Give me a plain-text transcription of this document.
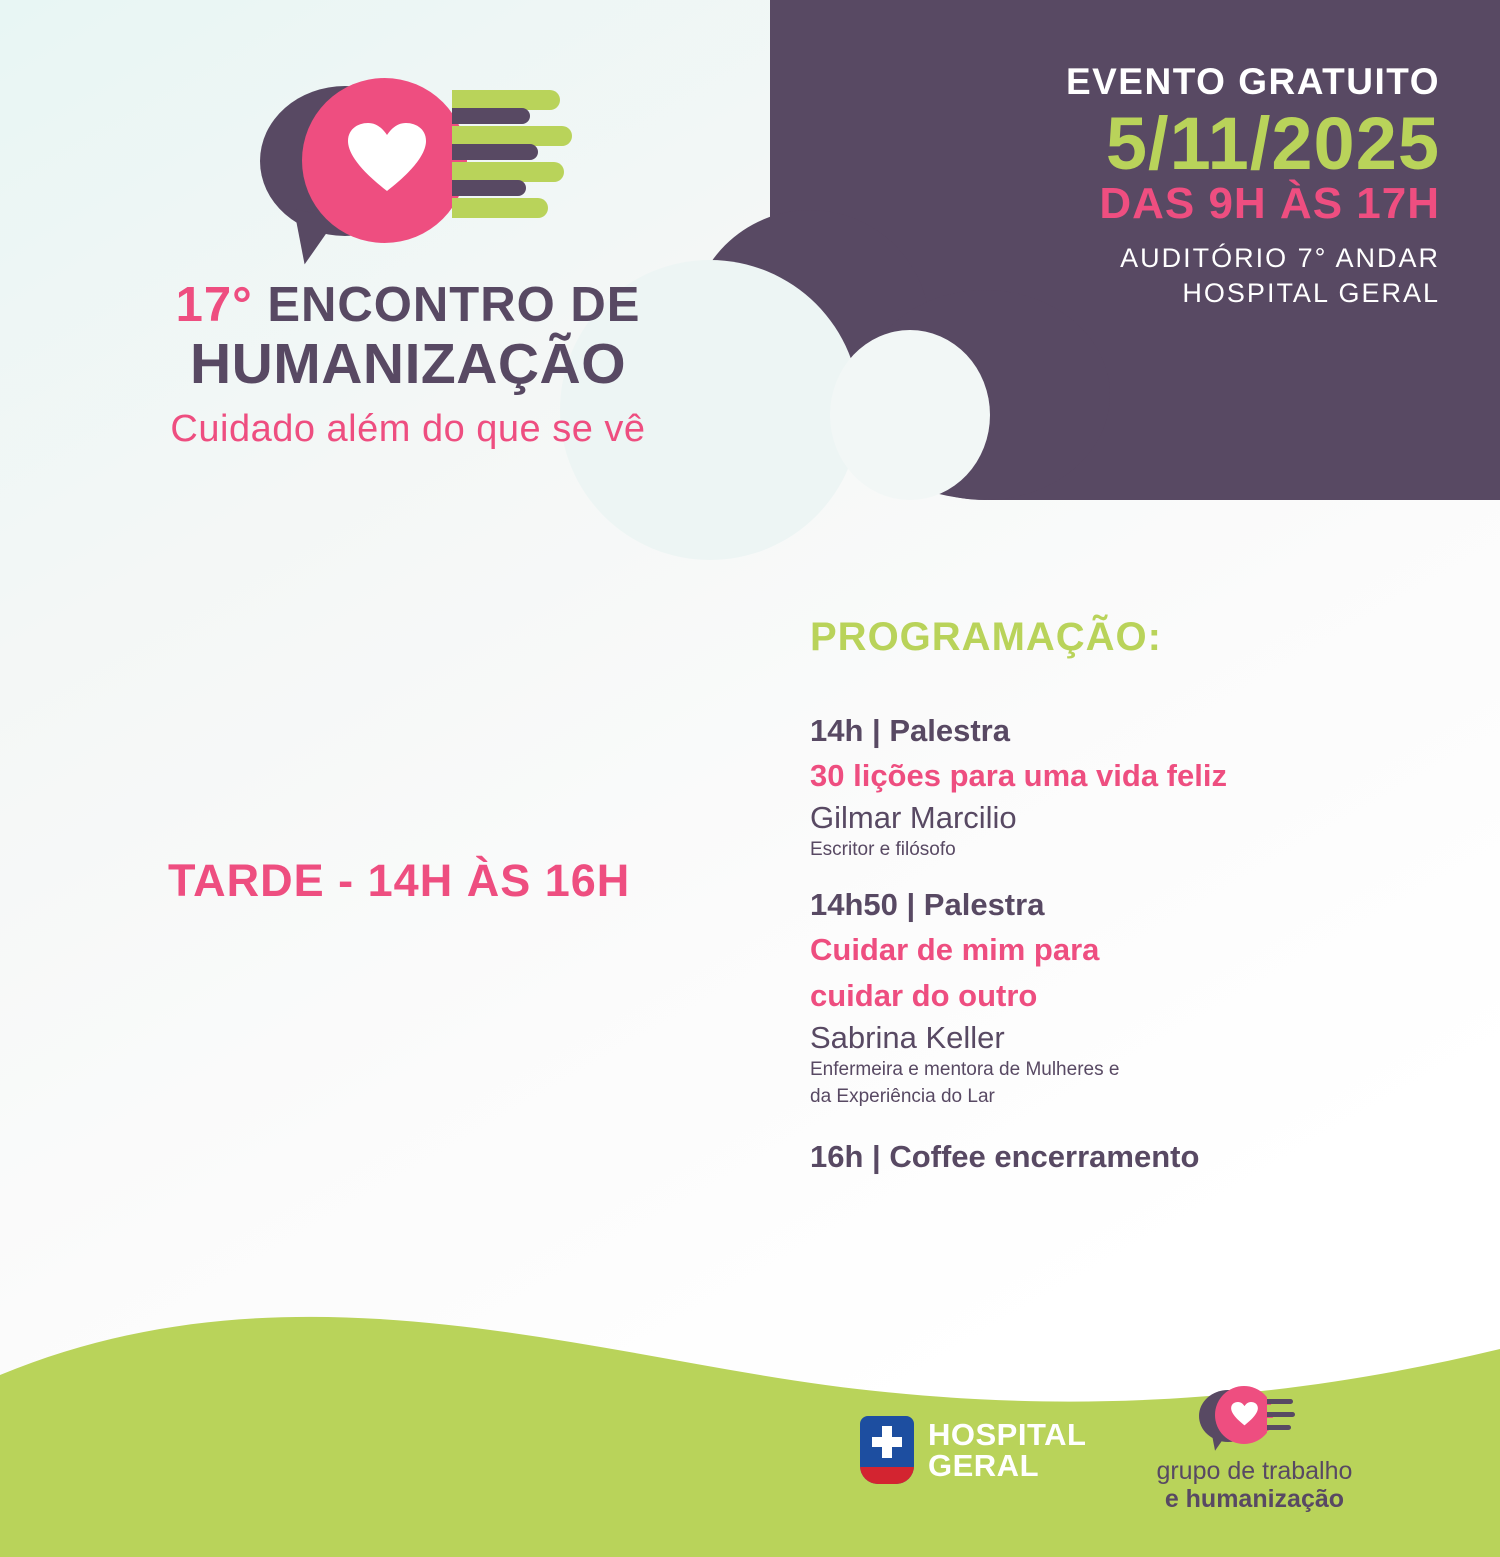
EVENTO GRATUITO
5/11/2025
DAS 9H ÀS 17H
AUDITÓRIO 7° ANDAR
HOSPITAL GERAL
17° ENCONTRO DE
HUMANIZAÇÃO
Cuidado além do que se vê
TARDE - 14H ÀS 16H
PROGRAMAÇÃO:
14h | Palestra
30 lições para uma vida feliz
Gilmar Marcilio
Escritor e filósofo
14h50 | Palestra
Cuidar de mim para
cuidar do outro
Sabrina Keller
Enfermeira e mentora de Mulheres e
da Experiência do Lar
16h | Coffee encerramento
HOSPITAL
GERAL	grupo de trabalho
e humanização
